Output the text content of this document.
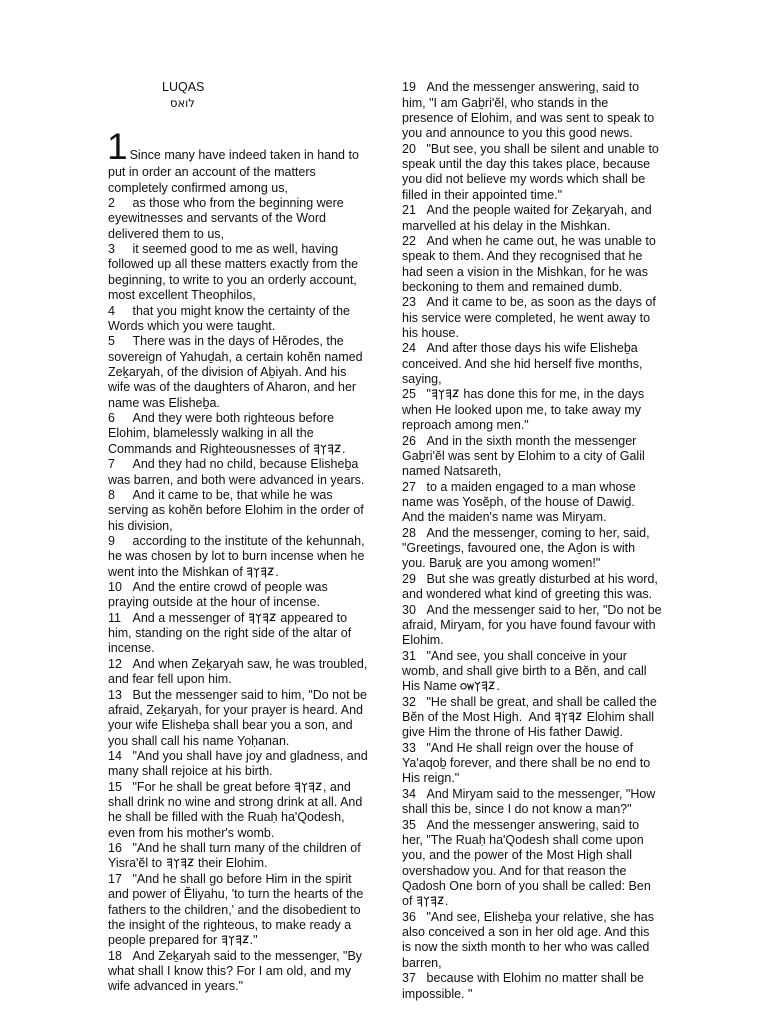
LUQAS
לואס
1 Since many have indeed taken in hand to
put in order an account of the matters
completely confirmed among us,
2 as those who from the beginning were
eyewitnesses and servants of the Word
delivered them to us,
3 it seemed good to me as well, having
followed up all these matters exactly from the
beginning, to write to you an orderly account,
most excellent Theophilos,
4 that you might know the certainty of the
Words which you were taught.
5 There was in the days of Hĕrodes, the
sovereign of Yahuḏah, a certain kohĕn named
Zeḵaryah, of the division of Aḇiyah. And his
wife was of the daughters of Aharon, and her
name was Elisheḇa.
6 And they were both righteous before
Elohim, blamelessly walking in all the
Commands and Righteousnesses of
.
7 And they had no child, because Elisheḇa
was barren, and both were advanced in years.
8 And it came to be, that while he was
serving as kohĕn before Elohim in the order of
his division,
9 according to the institute of the kehunnah,
he was chosen by lot to burn incense when he
went into the Mishkan of
.
10 And the entire crowd of people was
praying outside at the hour of incense.
11 And a messenger of
appeared to
him, standing on the right side of the altar of
incense.
12 And when Zeḵaryah saw, he was troubled,
and fear fell upon him.
13 But the messenger said to him, "Do not be
afraid, Zeḵaryah, for your prayer is heard. And
your wife Elisheḇa shall bear you a son, and
you shall call his name Yoḥanan.
14 "And you shall have joy and gladness, and
many shall rejoice at his birth.
15 "For he shall be great before
, and
shall drink no wine and strong drink at all. And
he shall be filled with the Ruaḥ ha'Qodesh,
even from his mother's womb.
16 "And he shall turn many of the children of
Yisra'ĕl to
their Elohim.
17 "And he shall go before Him in the spirit
and power of Ĕliyahu, 'to turn the hearts of the
fathers to the children,' and the disobedient to
the insight of the righteous, to make ready a
people prepared for
."
18 And Zeḵaryah said to the messenger, "By
what shall I know this? For I am old, and my
wife advanced in years."
19 And the messenger answering, said to
him, "I am Gaḇri'ĕl, who stands in the
presence of Elohim, and was sent to speak to
you and announce to you this good news.
20 "But see, you shall be silent and unable to
speak until the day this takes place, because
you did not believe my words which shall be
filled in their appointed time."
21 And the people waited for Zeḵaryah, and
marvelled at his delay in the Mishkan.
22 And when he came out, he was unable to
speak to them. And they recognised that he
had seen a vision in the Mishkan, for he was
beckoning to them and remained dumb.
23 And it came to be, as soon as the days of
his service were completed, he went away to
his house.
24 And after those days his wife Elisheḇa
conceived. And she hid herself five months,
saying,
25 "
has done this for me, in the days
when He looked upon me, to take away my
reproach among men."
26 And in the sixth month the messenger
Gaḇri'ĕl was sent by Elohim to a city of Galil
named Natsareth,
27 to a maiden engaged to a man whose
name was Yosĕph, of the house of Dawiḏ.
And the maiden's name was Miryam.
28 And the messenger, coming to her, said,
"Greetings, favoured one, the Aḏon is with
you. Baruḵ are you among women!"
29 But she was greatly disturbed at his word,
and wondered what kind of greeting this was.
30 And the messenger said to her, "Do not be
afraid, Miryam, for you have found favour with
Elohim.
31 "And see, you shall conceive in your
womb, and shall give birth to a Bĕn, and call
His Name	.
32 "He shall be great, and shall be called the
Bĕn of the Most High.  And
Elohim shall
give Him the throne of His father Dawiḏ.
33 "And He shall reign over the house of
Ya'aqoḇ forever, and there shall be no end to
His reign."
34 And Miryam said to the messenger, "How
shall this be, since I do not know a man?"
35 And the messenger answering, said to
her, "The Ruaḥ ha'Qodesh shall come upon
you, and the power of the Most High shall
overshadow you. And for that reason the
Qadosh One born of you shall be called: Ben
of
.
36 "And see, Elisheḇa your relative, she has
also conceived a son in her old age. And this
is now the sixth month to her who was called
barren,
37 because with Elohim no matter shall be
impossible. "
